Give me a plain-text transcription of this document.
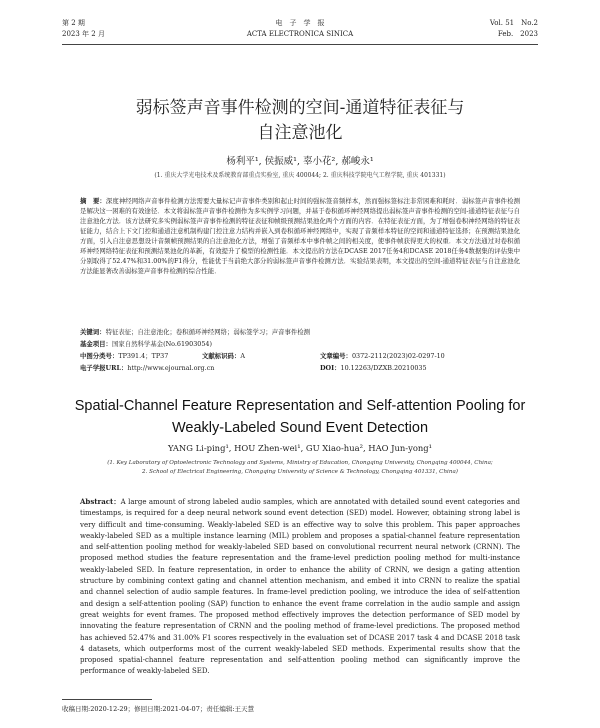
第 2 期
2023 年 2 月
电　子　学　报
ACTA ELECTRONICA SINICA
Vol. 51　No.2
Feb.　2023
弱标签声音事件检测的空间-通道特征表征与
自注意池化
杨利平¹, 侯振威¹, 辜小花², 郝峻永¹
(1. 重庆大学光电技术及系统教育部重点实验室, 重庆 400044; 2. 重庆科技学院电气工程学院, 重庆 401331)
摘　要：深度神经网络声音事件检测方法需要大量标记声音事件类别和起止时间的强标签音频样本，然而强标签标注非常困难和耗时．弱标签声音事件检测是解决这一困难的有效途径．本文将弱标签声音事件检测作为多实例学习问题，并基于卷积循环神经网络提出弱标签声音事件检测的空间-通道特征表征与自注意池化方法．该方法研究多实例弱标签声音事件检测的特征表征和帧级预测结果池化两个方面的内容．在特征表征方面，为了增强卷积神经网络的特征表征能力，结合上下文门控和通道注意机制构建门控注意力结构并嵌入到卷积循环神经网络中，实现了音频样本特征的空间和通道特征选择；在预测结果池化方面，引入自注意思想设计音频帧预测结果的自注意池化方法，增强了音频样本中事件帧之间的相关度，使事件帧获得更大的权重．本文方法通过对卷积循环神经网络特征表征和预测结果池化的革新，有效提升了模型的检测性能．本文提出的方法在DCASE 2017任务4和DCASE 2018任务4数据集的评估集中分别取得了52.47%和31.00%的F1得分，性能优于当前绝大部分的弱标签声音事件检测方法．实验结果表明，本文提出的空间-通道特征表征与自注意池化方法能显著改善弱标签声音事件检测的综合性能．
关键词：特征表征；自注意池化；卷积循环神经网络；弱标签学习；声音事件检测
基金项目：国家自然科学基金(No.61903054)
中图分类号：TP391.4；TP37	文献标识码：A	文章编号：0372-2112(2023)02-0297-10
电子学报URL：http://www.ejournal.org.cn	DOI：10.12263/DZXB.20210035
Spatial-Channel Feature Representation and Self-attention Pooling for
Weakly-Labeled Sound Event Detection
YANG Li-ping¹, HOU Zhen-wei¹, GU Xiao-hua², HAO Jun-yong¹
(1. Key Laboratory of Optoelectronic Technology and Systems, Ministry of Education, Chongqing University, Chongqing 400044, China;
2. School of Electrical Engineering, Chongqing University of Science & Technology, Chongqing 401331, China)
Abstract：A large amount of strong labeled audio samples, which are annotated with detailed sound event categories and timestamps, is required for a deep neural network sound event detection (SED) model. However, obtaining strong label is very difficult and time-consuming. Weakly-labeled SED is an effective way to solve this problem. This paper approaches weakly-labeled SED as a multiple instance learning (MIL) problem and proposes a spatial-channel feature representation and self-attention pooling method for weakly-labeled SED based on convolutional recurrent neural network (CRNN). The proposed method studies the feature representation and the frame-level prediction pooling method for multi-instance weakly-labeled SED. In feature representation, in order to enhance the ability of CRNN, we design a gating attention structure by combining context gating and channel attention mechanism, and embed it into CRNN to realize the spatial and channel selection of audio sample features. In frame-level prediction pooling, we introduce the idea of self-attention and design a self-attention pooling (SAP) function to enhance the event frame correlation in the audio sample and assign great weights for event frames. The proposed method effectively improves the detection performance of SED model by innovating the feature representation of CRNN and the pooling method of frame-level predictions. The proposed method has achieved 52.47% and 31.00% F1 scores respectively in the evaluation set of DCASE 2017 task 4 and DCASE 2018 task 4 datasets, which outperforms most of the current weakly-labeled SED methods. Experimental results show that the proposed spatial-channel feature representation and self-attention pooling method can significantly improve the performance of weakly-labeled SED.
收稿日期:2020-12-29；修回日期:2021-04-07；责任编辑:王天慧
